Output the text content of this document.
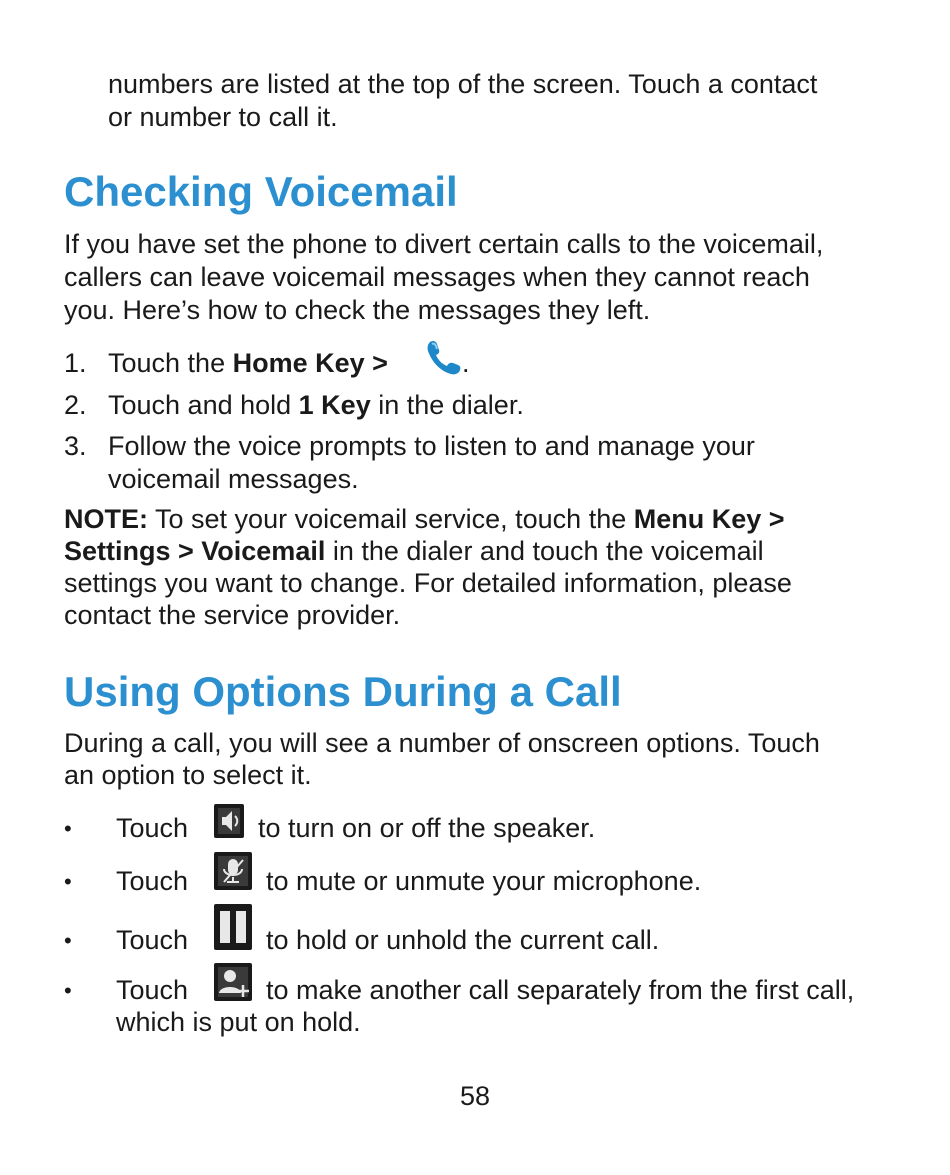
numbers are listed at the top of the screen. Touch a contact

or number to call it.

Checking Voicemail

If you have set the phone to divert certain calls to the voicemail,

callers can leave voicemail messages when they cannot reach

you. Here’s how to check the messages they left.

1. Touch the Home Key >	.
2. Touch and hold 1 Key in the dialer.

3. Follow the voice prompts to listen to and manage your

voicemail messages.

NOTE: To set your voicemail service, touch the Menu Key >

Settings > Voicemail in the dialer and touch the voicemail

settings you want to change. For detailed information, please

contact the service provider.

Using Options During a Call

During a call, you will see a number of onscreen options. Touch

an option to select it.

• Touch	to turn on or off the speaker.
• Touch	to mute or unmute your microphone.
• Touch	to hold or unhold the current call.
• Touch	to make another call separately from the first call,

which is put on hold.

58
